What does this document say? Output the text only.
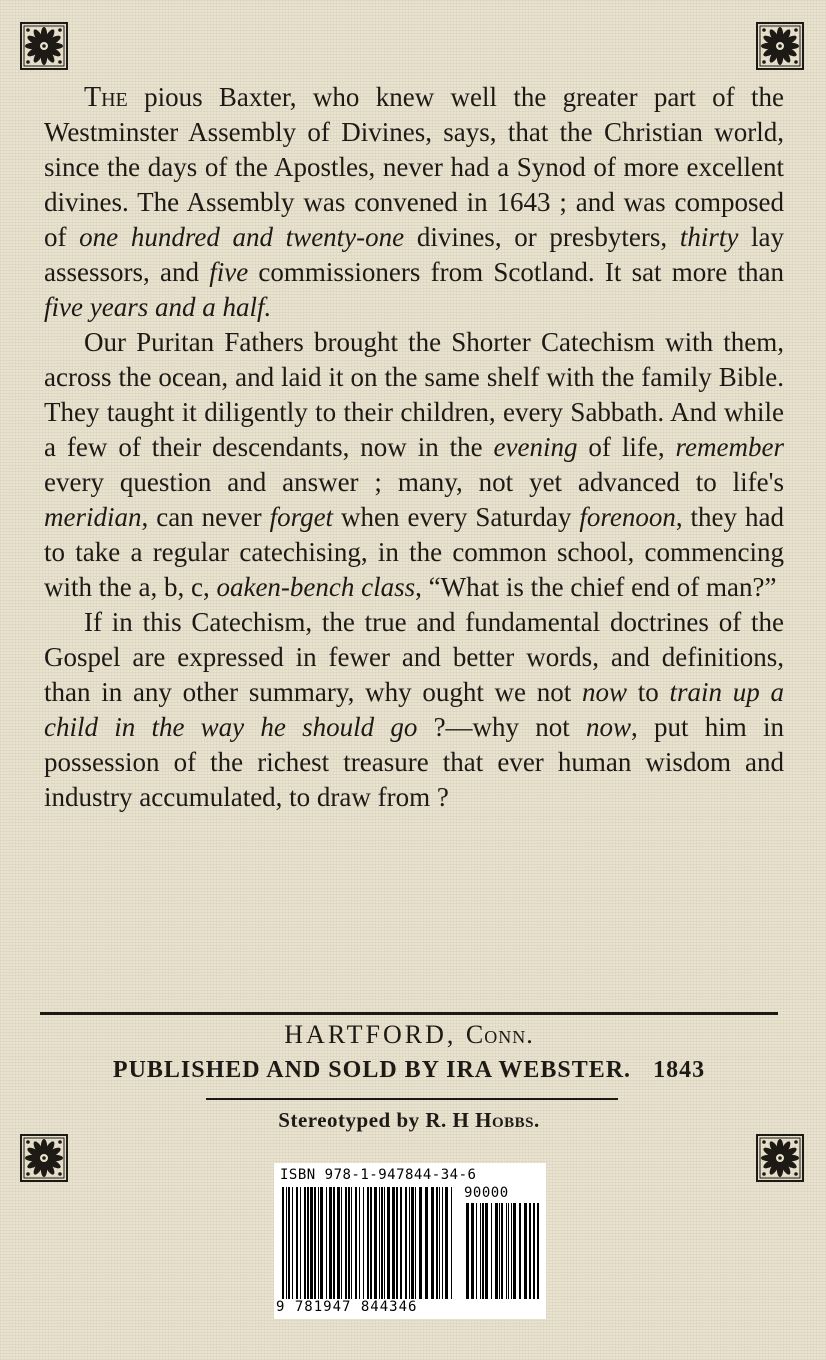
The pious Baxter, who knew well the greater part of the Westminster Assembly of Divines, says, that the Christian world, since the days of the Apostles, never had a Synod of more excellent divines. The Assembly was convened in 1643 ; and was composed of one hundred and twenty-one divines, or presbyters, thirty lay assessors, and five commissioners from Scotland. It sat more than five years and a half.

Our Puritan Fathers brought the Shorter Catechism with them, across the ocean, and laid it on the same shelf with the family Bible. They taught it diligently to their children, every Sabbath. And while a few of their descendants, now in the evening of life, remember every question and answer ; many, not yet advanced to life's meridian, can never forget when every Saturday forenoon, they had to take a regular catechising, in the common school, commencing with the a, b, c, oaken-bench class, “What is the chief end of man?”

If in this Catechism, the true and fundamental doctrines of the Gospel are expressed in fewer and better words, and definitions, than in any other summary, why ought we not now to train up a child in the way he should go ?—why not now, put him in possession of the richest treasure that ever human wisdom and industry accumulated, to draw from ?

HARTFORD, Conn.
PUBLISHED AND SOLD BY IRA WEBSTER. 1843
Stereotyped by R. H Hobbs.
ISBN 978-1-947844-34-6
90000
9 781947 844346
